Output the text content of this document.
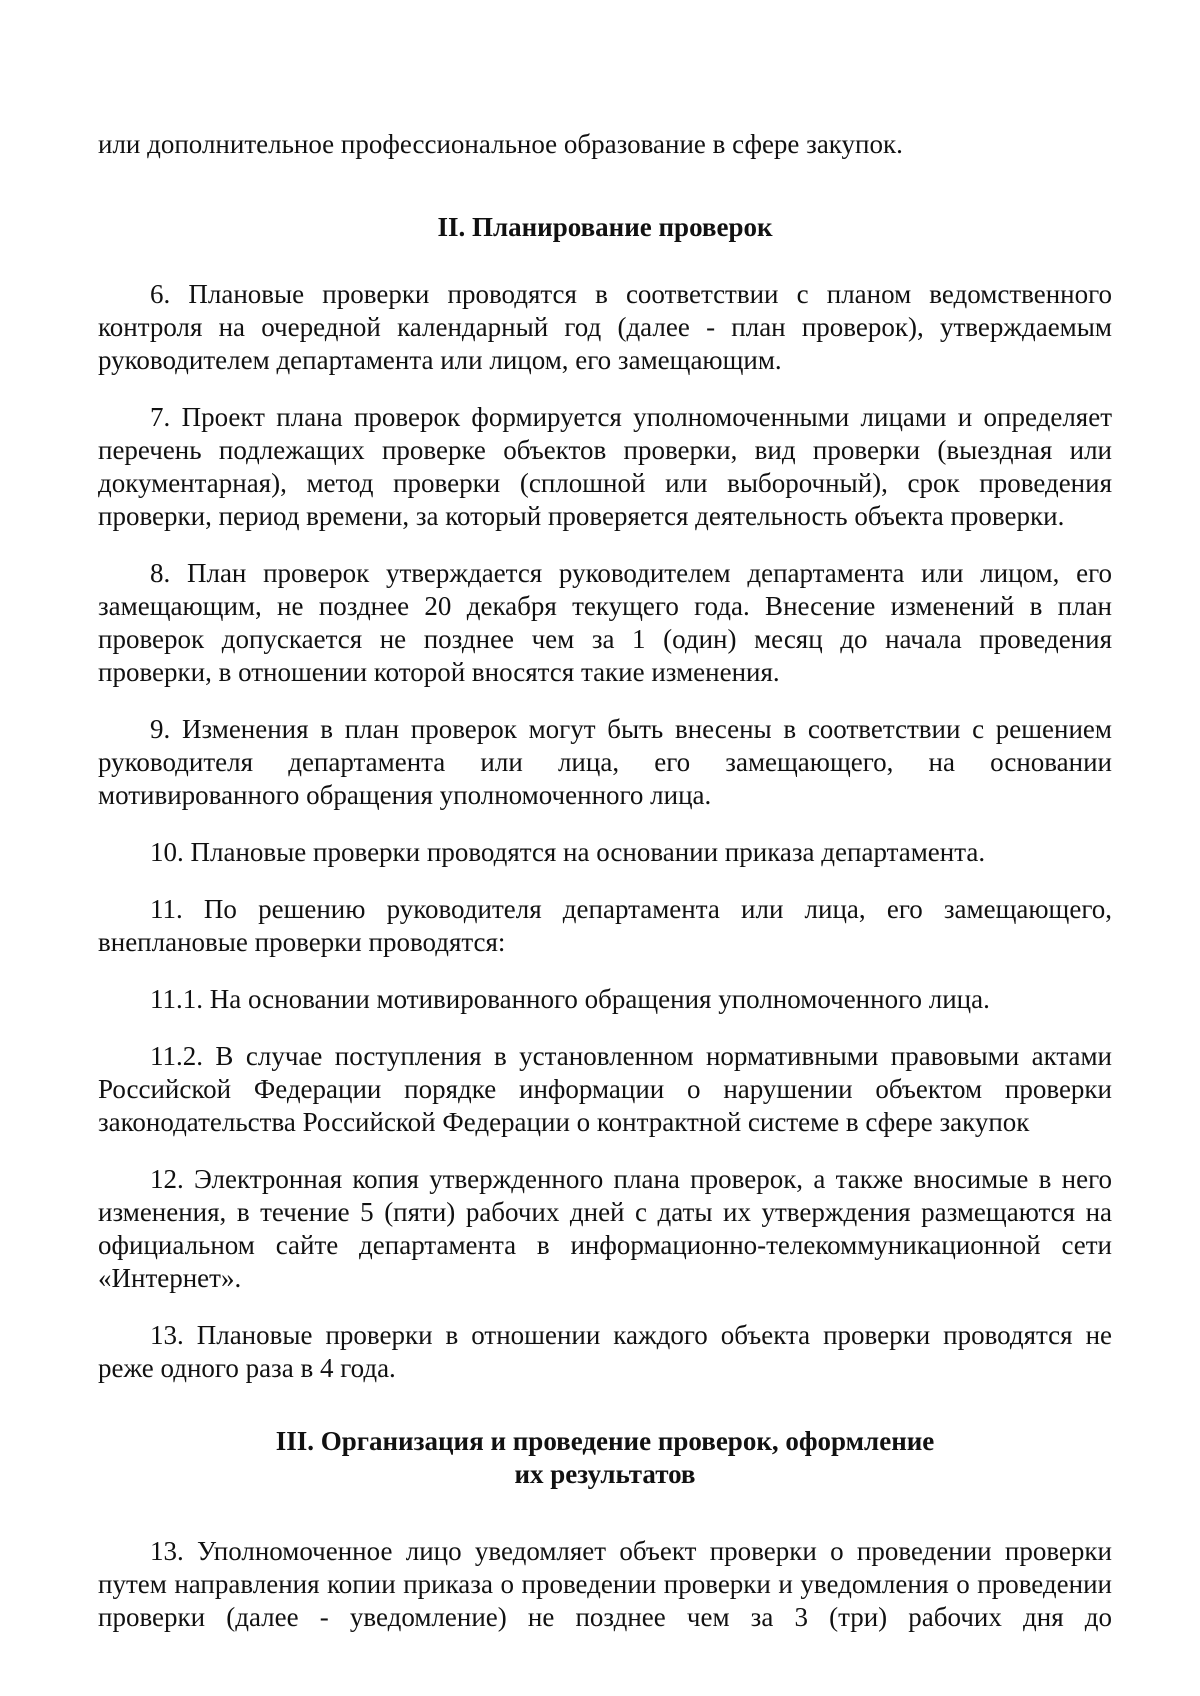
или дополнительное профессиональное образование в сфере закупок.

II. Планирование проверок

6. Плановые проверки проводятся в соответствии с планом ведомственного контроля на очередной календарный год (далее - план проверок), утверждаемым руководителем департамента или лицом, его замещающим.

7. Проект плана проверок формируется уполномоченными лицами и определяет перечень подлежащих проверке объектов проверки, вид проверки (выездная или документарная), метод проверки (сплошной или выборочный), срок проведения проверки, период времени, за который проверяется деятельность объекта проверки.

8. План проверок утверждается руководителем департамента или лицом, его замещающим, не позднее 20 декабря текущего года. Внесение изменений в план проверок допускается не позднее чем за 1 (один) месяц до начала проведения проверки, в отношении которой вносятся такие изменения.

9. Изменения в план проверок могут быть внесены в соответствии с решением руководителя департамента или лица, его замещающего, на основании мотивированного обращения уполномоченного лица.

10. Плановые проверки проводятся на основании приказа департамента.

11. По решению руководителя департамента или лица, его замещающего, внеплановые проверки проводятся:

11.1. На основании мотивированного обращения уполномоченного лица.

11.2. В случае поступления в установленном нормативными правовыми актами Российской Федерации порядке информации о нарушении объектом проверки законодательства Российской Федерации о контрактной системе в сфере закупок

12. Электронная копия утвержденного плана проверок, а также вносимые в него изменения, в течение 5 (пяти) рабочих дней с даты их утверждения размещаются на официальном сайте департамента в информационно-телекоммуникационной сети «Интернет».

13. Плановые проверки в отношении каждого объекта проверки проводятся не реже одного раза в 4 года.

III. Организация и проведение проверок, оформление
их результатов

13. Уполномоченное лицо уведомляет объект проверки о проведении проверки путем направления копии приказа о проведении проверки и уведомления о проведении проверки (далее - уведомление) не позднее чем за 3 (три) рабочих дня до
